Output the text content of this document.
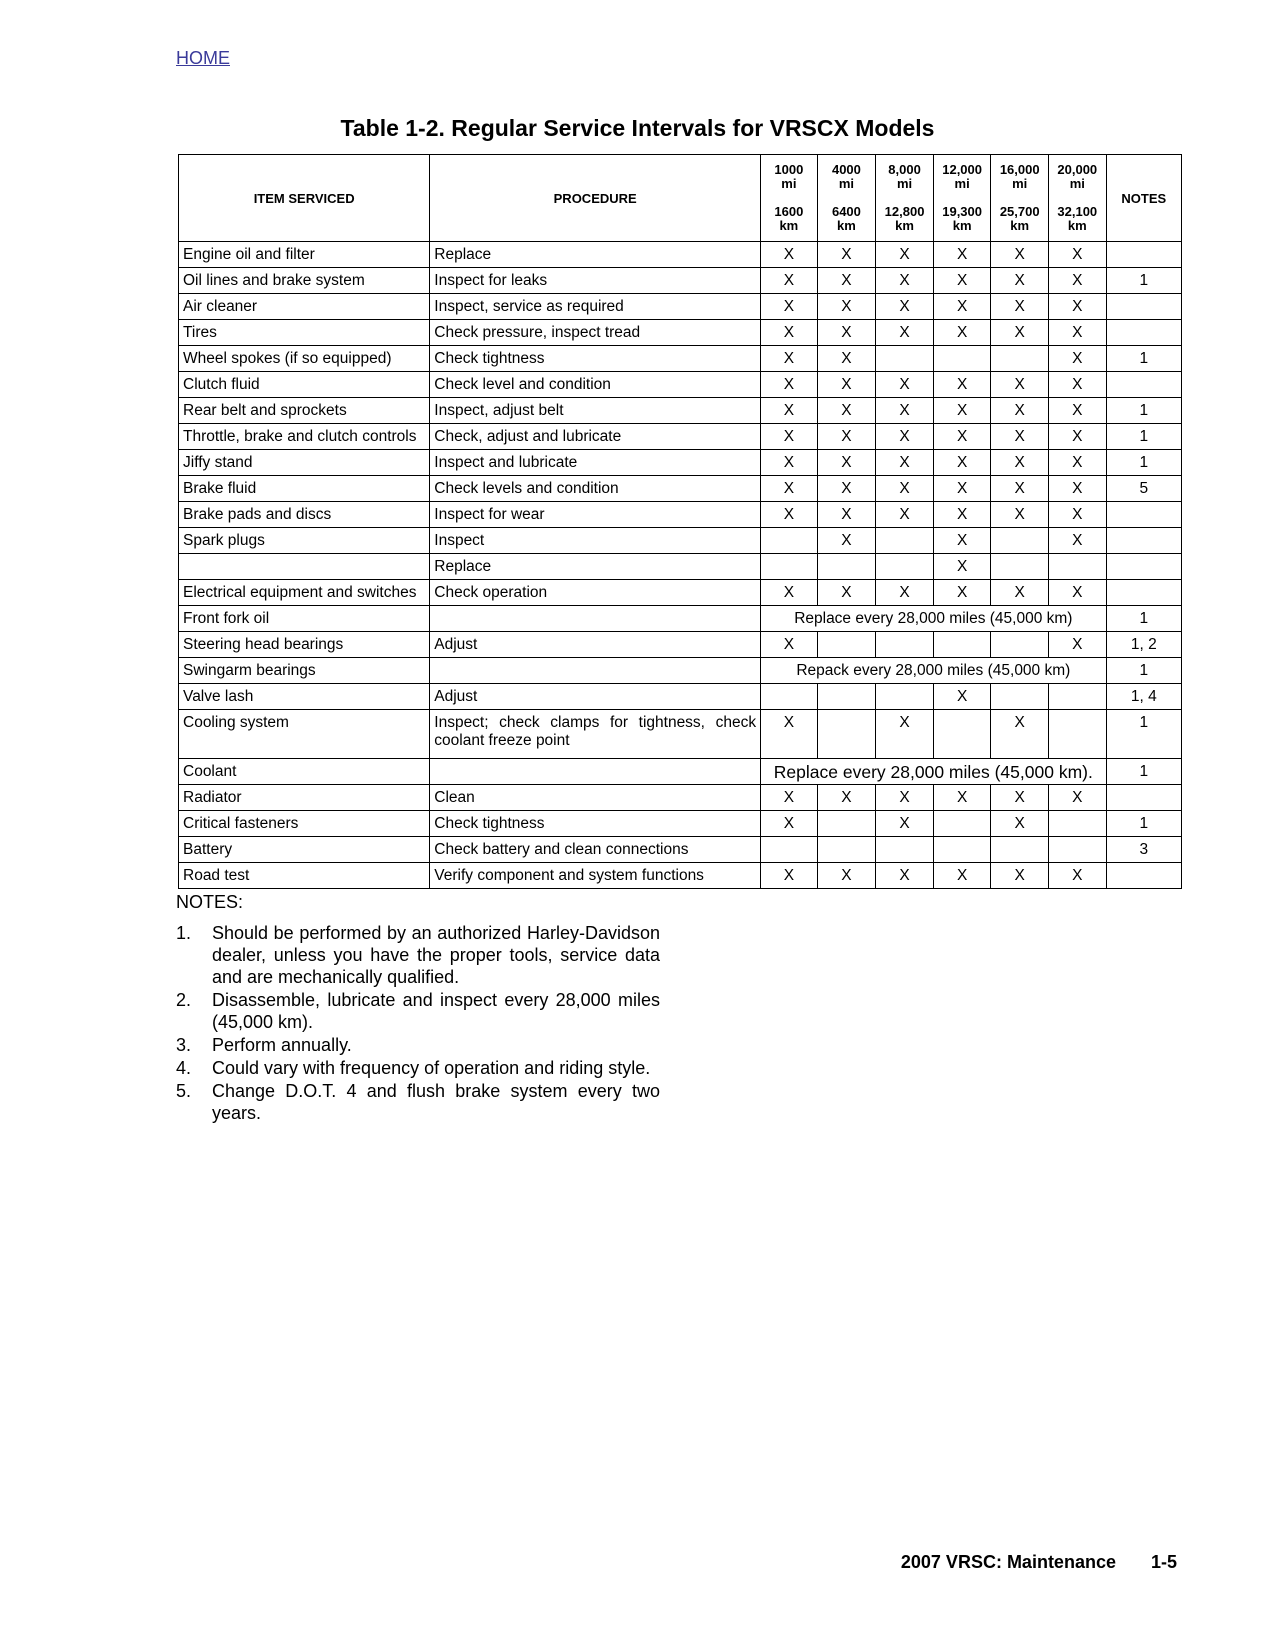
HOME
Table 1-2. Regular Service Intervals for VRSCX Models
ITEM SERVICED	PROCEDURE	1000
mi
1600
km	4000
mi
6400
km	8,000
mi
12,800
km	12,000
mi
19,300
km	16,000
mi
25,700
km	20,000
mi
32,100
km	NOTES
Engine oil and filter	Replace	X	X	X	X	X	X	
Oil lines and brake system	Inspect for leaks	X	X	X	X	X	X	1
Air cleaner	Inspect, service as required	X	X	X	X	X	X	
Tires	Check pressure, inspect tread	X	X	X	X	X	X	
Wheel spokes (if so equipped)	Check tightness	X	X				X	1
Clutch fluid	Check level and condition	X	X	X	X	X	X	
Rear belt and sprockets	Inspect, adjust belt	X	X	X	X	X	X	1
Throttle, brake and clutch controls	Check, adjust and lubricate	X	X	X	X	X	X	1
Jiffy stand	Inspect and lubricate	X	X	X	X	X	X	1
Brake fluid	Check levels and condition	X	X	X	X	X	X	5
Brake pads and discs	Inspect for wear	X	X	X	X	X	X	
Spark plugs	Inspect		X		X		X	
	Replace				X			
Electrical equipment and switches	Check operation	X	X	X	X	X	X	
Front fork oil		Replace every 28,000 miles (45,000 km)						1
Steering head bearings	Adjust	X					X	1, 2
Swingarm bearings		Repack every 28,000 miles (45,000 km)						1
Valve lash	Adjust				X			1, 4
Cooling system	Inspect; check clamps for tightness, check coolant freeze point	X		X		X		1
Coolant		Replace every 28,000 miles (45,000 km).						1
Radiator	Clean	X	X	X	X	X	X	
Critical fasteners	Check tightness	X		X		X		1
Battery	Check battery and clean connections							3
Road test	Verify component and system functions	X	X	X	X	X	X	
NOTES:
1. Should be performed by an authorized Harley-Davidson dealer, unless you have the proper tools, service data and are mechanically qualified.
2. Disassemble, lubricate and inspect every 28,000 miles (45,000 km).
3. Perform annually.
4. Could vary with frequency of operation and riding style.
5. Change D.O.T. 4 and flush brake system every two years.
2007 VRSC: Maintenance 1-5
